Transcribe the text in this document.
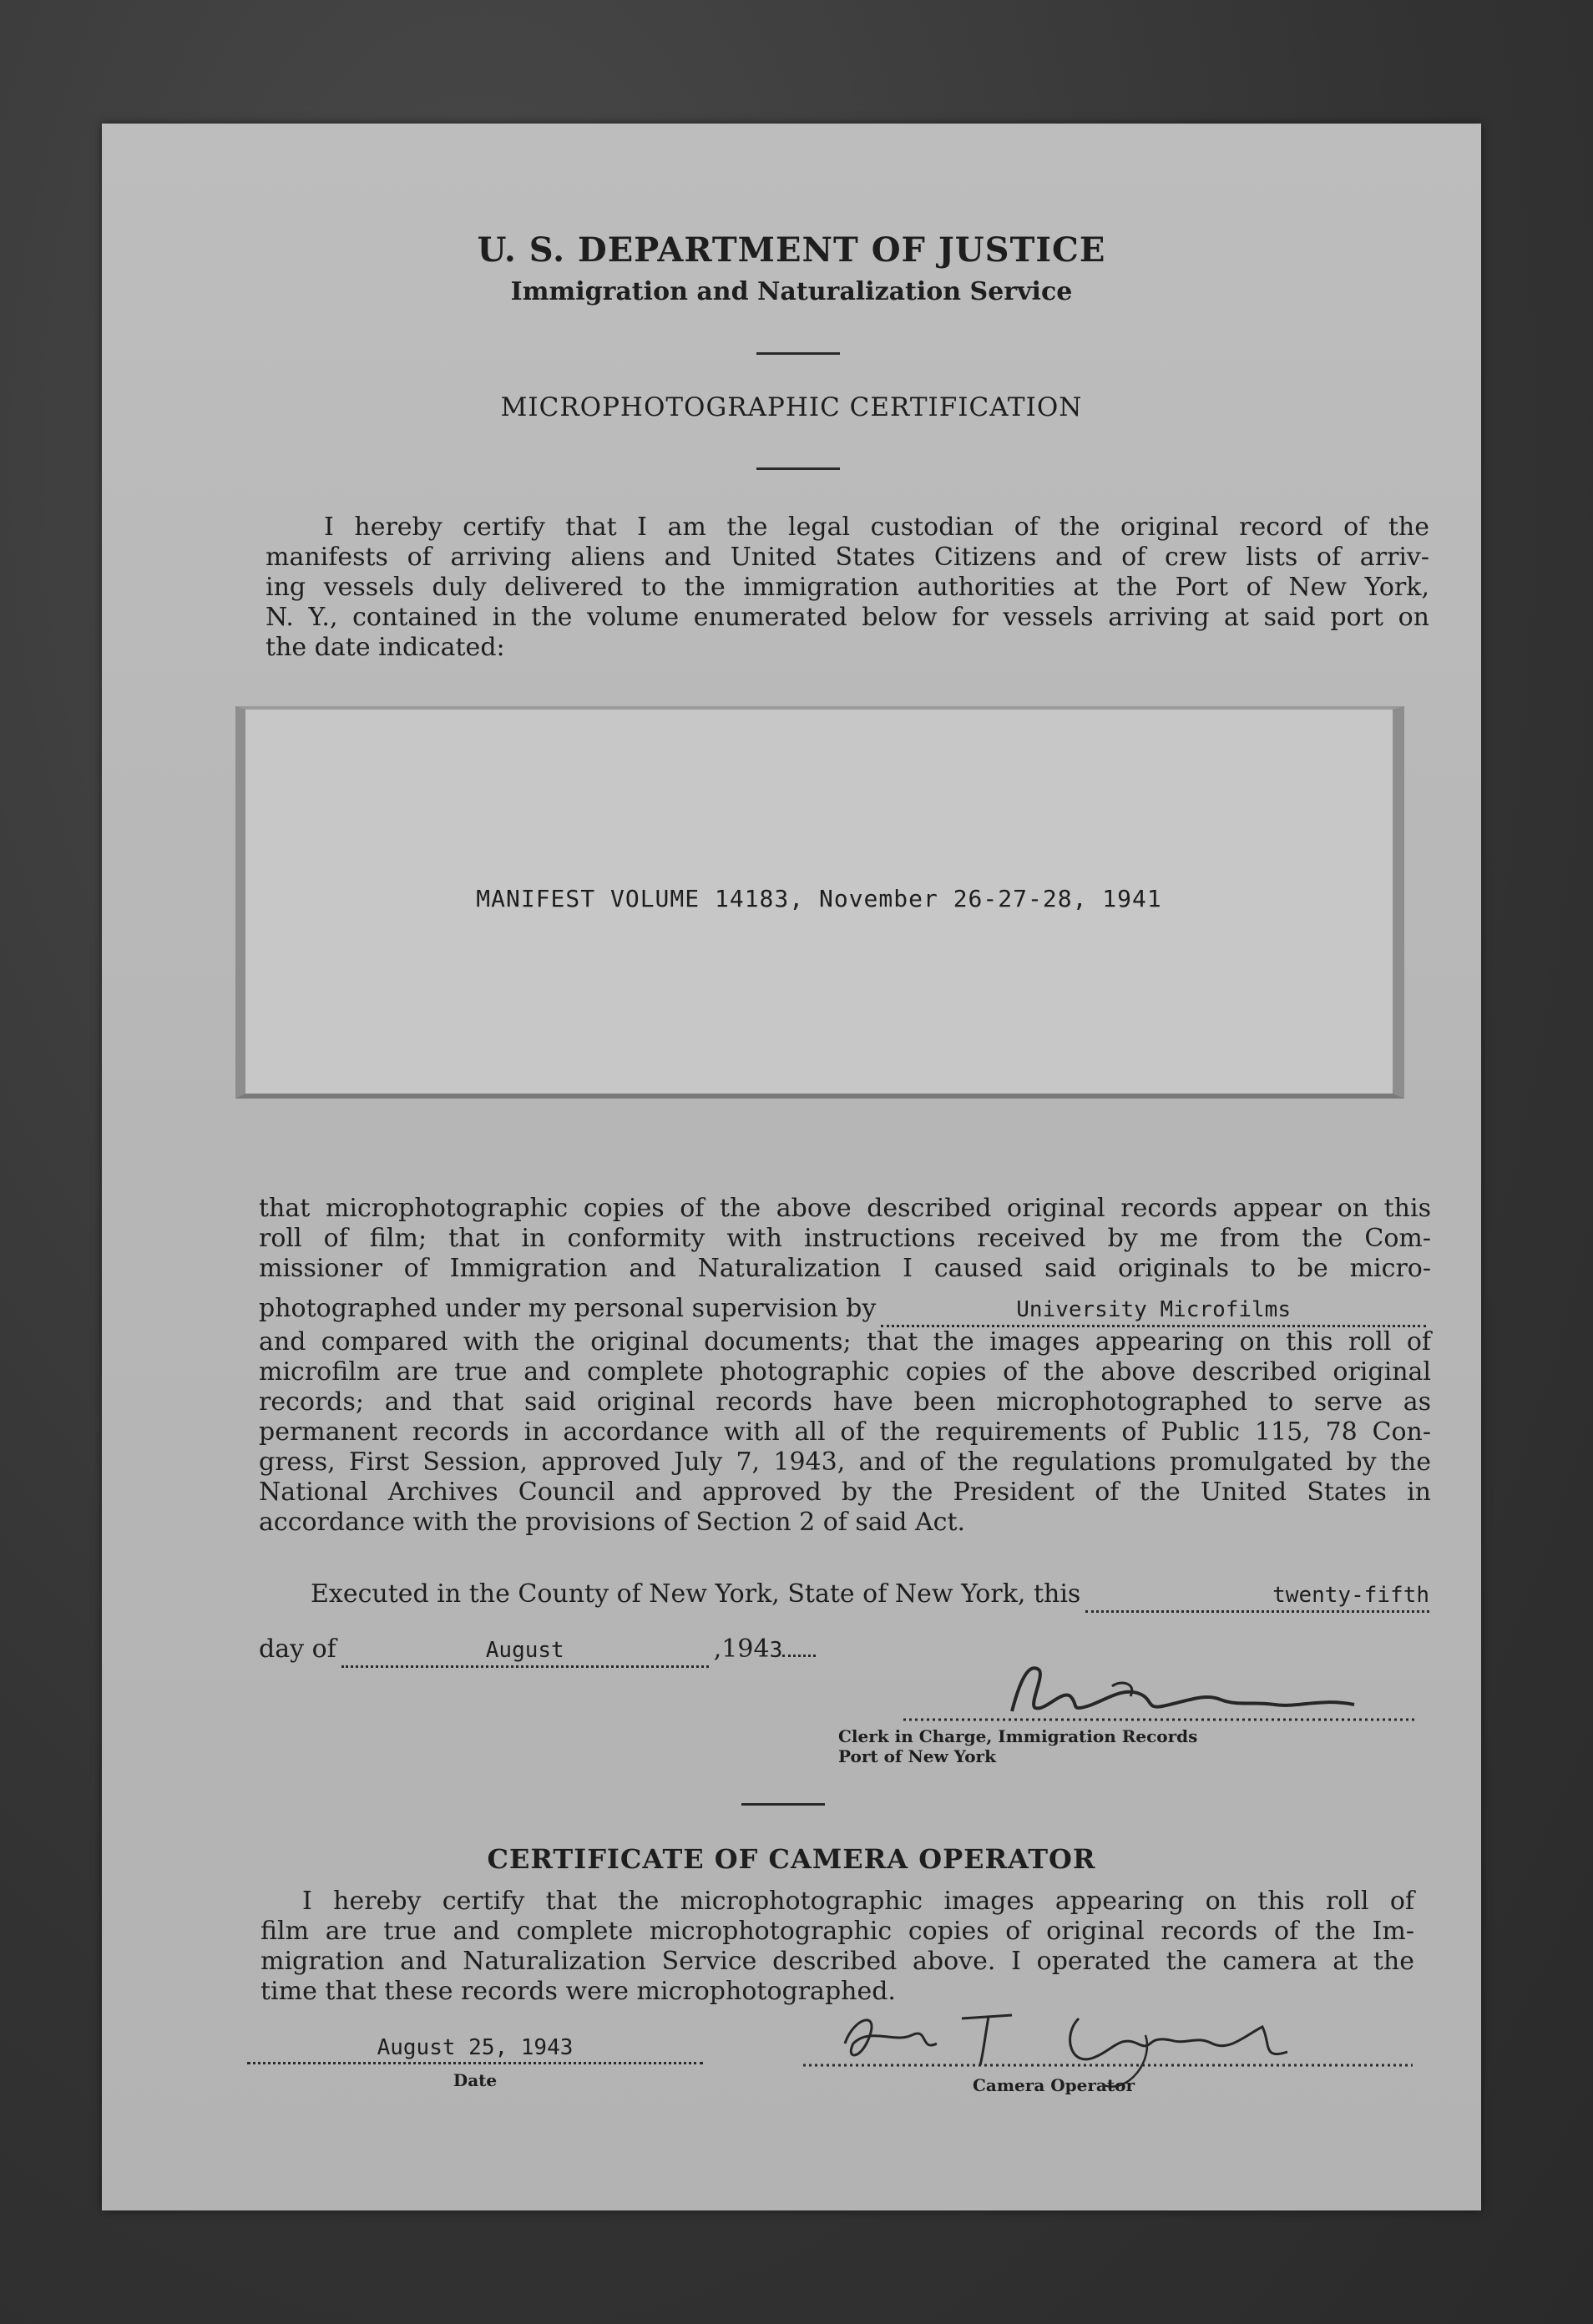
U. S. DEPARTMENT OF JUSTICE
Immigration and Naturalization Service
MICROPHOTOGRAPHIC CERTIFICATION
I hereby certify that I am the legal custodian of the original record of the
manifests of arriving aliens and United States Citizens and of crew lists of arriv-
ing vessels duly delivered to the immigration authorities at the Port of New York,
N. Y., contained in the volume enumerated below for vessels arriving at said port on
the date indicated:
MANIFEST VOLUME 14183, November 26-27-28, 1941
that microphotographic copies of the above described original records appear on this
roll of film; that in conformity with instructions received by me from the Com-
missioner of Immigration and Naturalization I caused said originals to be micro-
photographed under my personal supervision by	University Microfilms
and compared with the original documents; that the images appearing on this roll of
microfilm are true and complete photographic copies of the above described original
records; and that said original records have been microphotographed to serve as
permanent records in accordance with all of the requirements of Public 115, 78 Con-
gress, First Session, approved July 7, 1943, and of the regulations promulgated by the
National Archives Council and approved by the President of the United States in
accordance with the provisions of Section 2 of said Act.
Executed in the County of New York, State of New York, this	twenty-fifth
day of	August	, 194 3
Clerk in Charge, Immigration Records
Port of New York
CERTIFICATE OF CAMERA OPERATOR
I hereby certify that the microphotographic images appearing on this roll of
film are true and complete microphotographic copies of original records of the Im-
migration and Naturalization Service described above. I operated the camera at the
time that these records were microphotographed.
August 25, 1943
Date	Camera Operator
